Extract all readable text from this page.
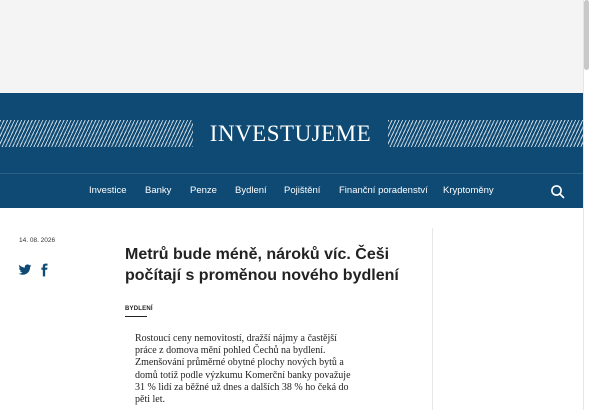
INVESTUJEME
Investice Banky Penze Bydlení Pojištění Finanční poradenství Kryptoměny
14. 08. 2026
Metrů bude méně, nároků víc. Češi počítají s proměnou nového bydlení
BYDLENÍ

Rostoucí ceny nemovitostí, dražší nájmy a častější práce z domova mění pohled Čechů na bydlení. Zmenšování průměrné obytné plochy nových bytů a domů totiž podle výzkumu Komerční banky považuje 31 % lidí za běžné už dnes a dalších 38 % ho čeká do pěti let.
